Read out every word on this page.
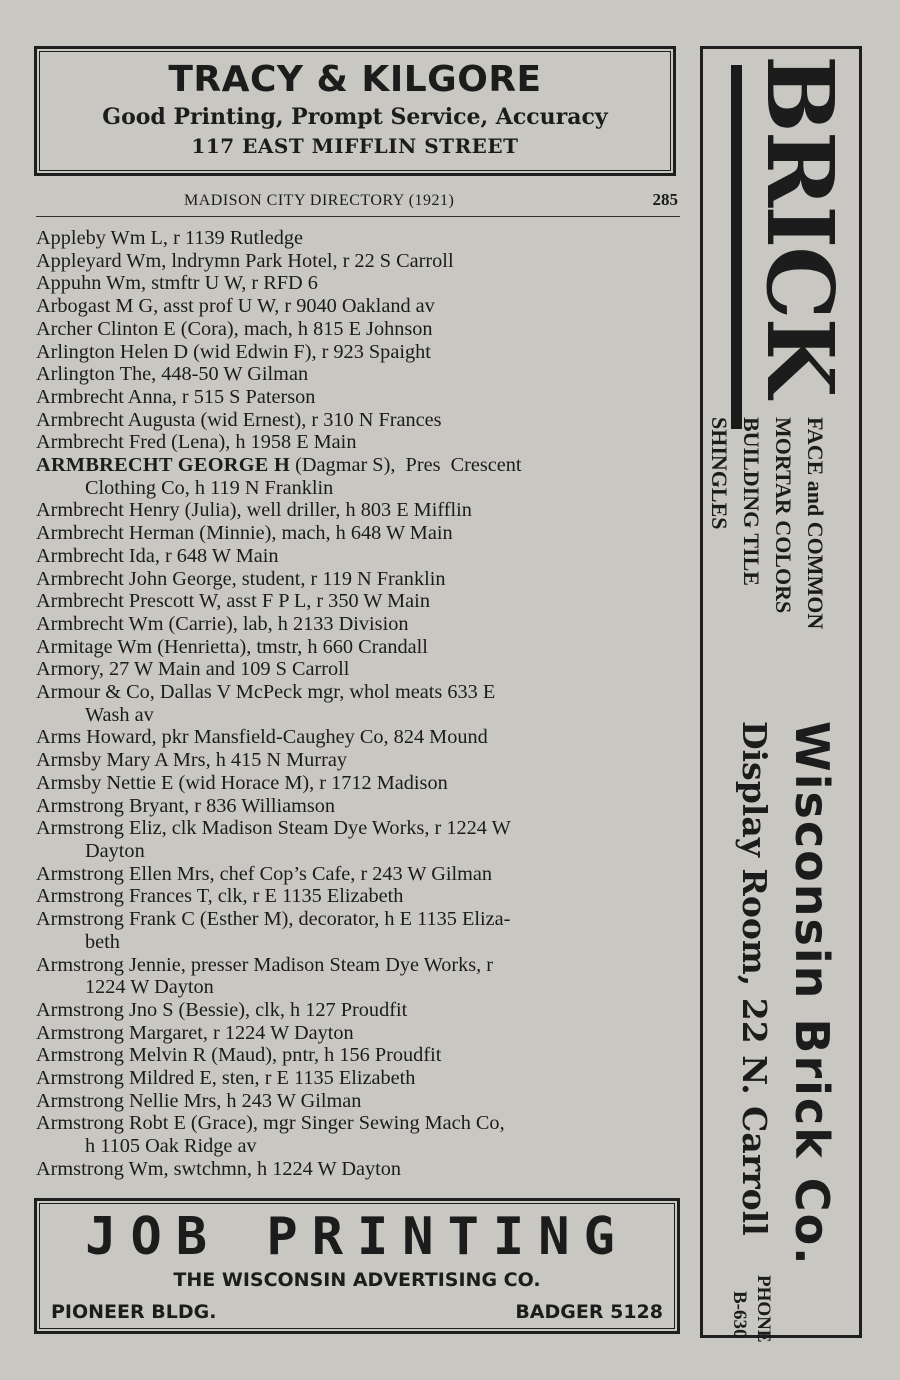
TRACY & KILGORE
Good Printing, Prompt Service, Accuracy
117 EAST MIFFLIN STREET
MADISON CITY DIRECTORY (1921)	285
Appleby Wm L, r 1139 Rutledge
Appleyard Wm, lndrymn Park Hotel, r 22 S Carroll
Appuhn Wm, stmftr U W, r RFD 6
Arbogast M G, asst prof U W, r 9040 Oakland av
Archer Clinton E (Cora), mach, h 815 E Johnson
Arlington Helen D (wid Edwin F), r 923 Spaight
Arlington The, 448-50 W Gilman
Armbrecht Anna, r 515 S Paterson
Armbrecht Augusta (wid Ernest), r 310 N Frances
Armbrecht Fred (Lena), h 1958 E Main
ARMBRECHT GEORGE H (Dagmar S),  Pres  Crescent
Clothing Co, h 119 N Franklin
Armbrecht Henry (Julia), well driller, h 803 E Mifflin
Armbrecht Herman (Minnie), mach, h 648 W Main
Armbrecht Ida, r 648 W Main
Armbrecht John George, student, r 119 N Franklin
Armbrecht Prescott W, asst F P L, r 350 W Main
Armbrecht Wm (Carrie), lab, h 2133 Division
Armitage Wm (Henrietta), tmstr, h 660 Crandall
Armory, 27 W Main and 109 S Carroll
Armour & Co, Dallas V McPeck mgr, whol meats 633 E
Wash av
Arms Howard, pkr Mansfield-Caughey Co, 824 Mound
Armsby Mary A Mrs, h 415 N Murray
Armsby Nettie E (wid Horace M), r 1712 Madison
Armstrong Bryant, r 836 Williamson
Armstrong Eliz, clk Madison Steam Dye Works, r 1224 W
Dayton
Armstrong Ellen Mrs, chef Cop’s Cafe, r 243 W Gilman
Armstrong Frances T, clk, r E 1135 Elizabeth
Armstrong Frank C (Esther M), decorator, h E 1135 Eliza-
beth
Armstrong Jennie, presser Madison Steam Dye Works, r
1224 W Dayton
Armstrong Jno S (Bessie), clk, h 127 Proudfit
Armstrong Margaret, r 1224 W Dayton
Armstrong Melvin R (Maud), pntr, h 156 Proudfit
Armstrong Mildred E, sten, r E 1135 Elizabeth
Armstrong Nellie Mrs, h 243 W Gilman
Armstrong Robt E (Grace), mgr Singer Sewing Mach Co,
h 1105 Oak Ridge av
Armstrong Wm, swtchmn, h 1224 W Dayton
JOB PRINTING
THE WISCONSIN ADVERTISING CO.
PIONEER BLDG.	BADGER 5128
BRICK
FACE and COMMON
MORTAR COLORS
BUILDING TILE
SHINGLES
Wisconsin Brick Co.
Display Room, 22 N. Carroll
PHONE
B-630
